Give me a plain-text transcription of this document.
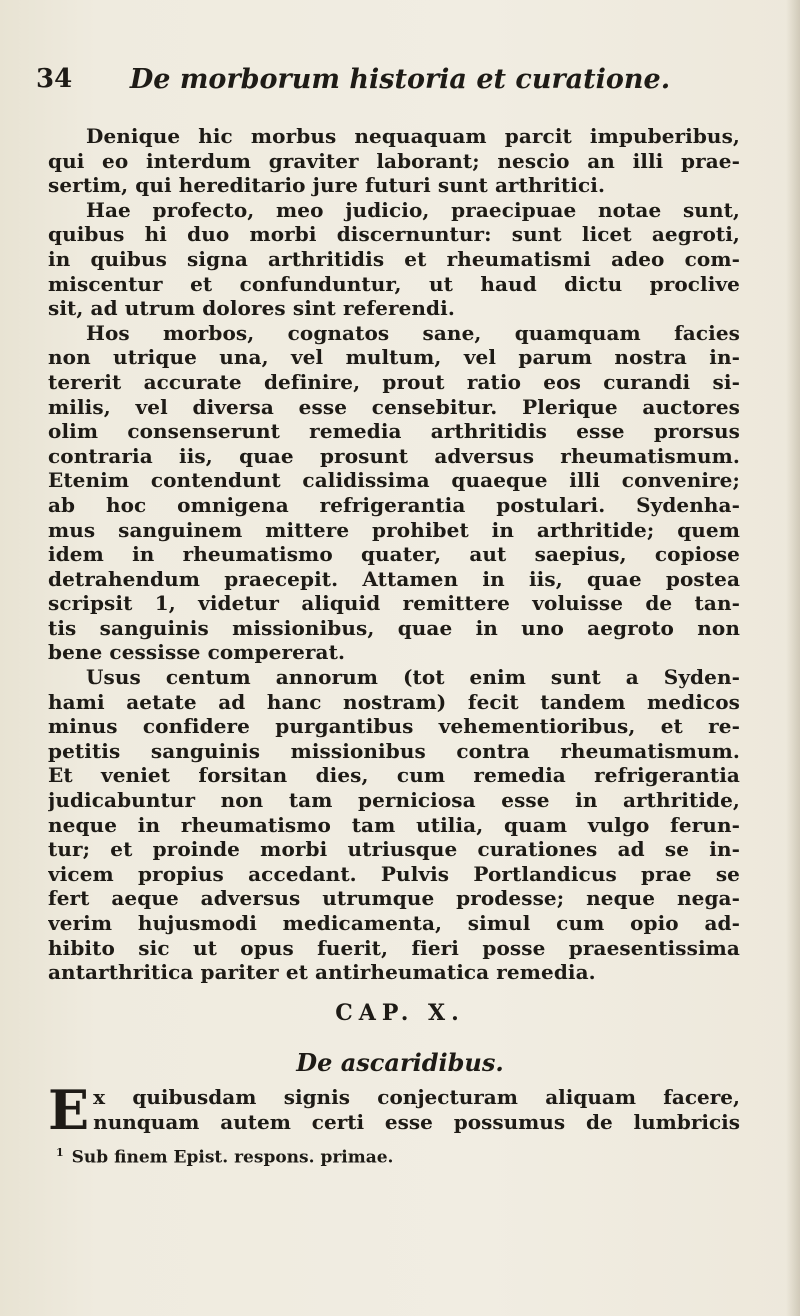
34	De morborum historia et curatione.
Denique hic morbus nequaquam parcit impuberibus,
qui eo interdum graviter laborant; nescio an illi prae-
sertim, qui hereditario jure futuri sunt arthritici.
Hae profecto, meo judicio, praecipuae notae sunt,
quibus hi duo morbi discernuntur: sunt licet aegroti,
in quibus signa arthritidis et rheumatismi adeo com-
miscentur et confunduntur, ut haud dictu proclive
sit, ad utrum dolores sint referendi.
Hos morbos, cognatos sane, quamquam facies
non utrique una, vel multum, vel parum nostra in-
tererit accurate definire, prout ratio eos curandi si-
milis, vel diversa esse censebitur. Plerique auctores
olim consenserunt remedia arthritidis esse prorsus
contraria iis, quae prosunt adversus rheumatismum.
Etenim contendunt calidissima quaeque illi convenire;
ab hoc omnigena refrigerantia postulari. Sydenha-
mus sanguinem mittere prohibet in arthritide; quem
idem in rheumatismo quater, aut saepius, copiose
detrahendum praecepit. Attamen in iis, quae postea
scripsit 1, videtur aliquid remittere voluisse de tan-
tis sanguinis missionibus, quae in uno aegroto non
bene cessisse compererat.
Usus centum annorum (tot enim sunt a Syden-
hami aetate ad hanc nostram) fecit tandem medicos
minus confidere purgantibus vehementioribus, et re-
petitis sanguinis missionibus contra rheumatismum.
Et veniet forsitan dies, cum remedia refrigerantia
judicabuntur non tam perniciosa esse in arthritide,
neque in rheumatismo tam utilia, quam vulgo ferun-
tur; et proinde morbi utriusque curationes ad se in-
vicem propius accedant. Pulvis Portlandicus prae se
fert aeque adversus utrumque prodesse; neque nega-
verim hujusmodi medicamenta, simul cum opio ad-
hibito sic ut opus fuerit, fieri posse praesentissima
antarthritica pariter et antirheumatica remedia.
CAP. X.
De ascaridibus.
E x quibusdam signis conjecturam aliquam facere,
nunquam autem certi esse possumus de lumbricis
$^1$ Sub finem Epist. respons. primae.
